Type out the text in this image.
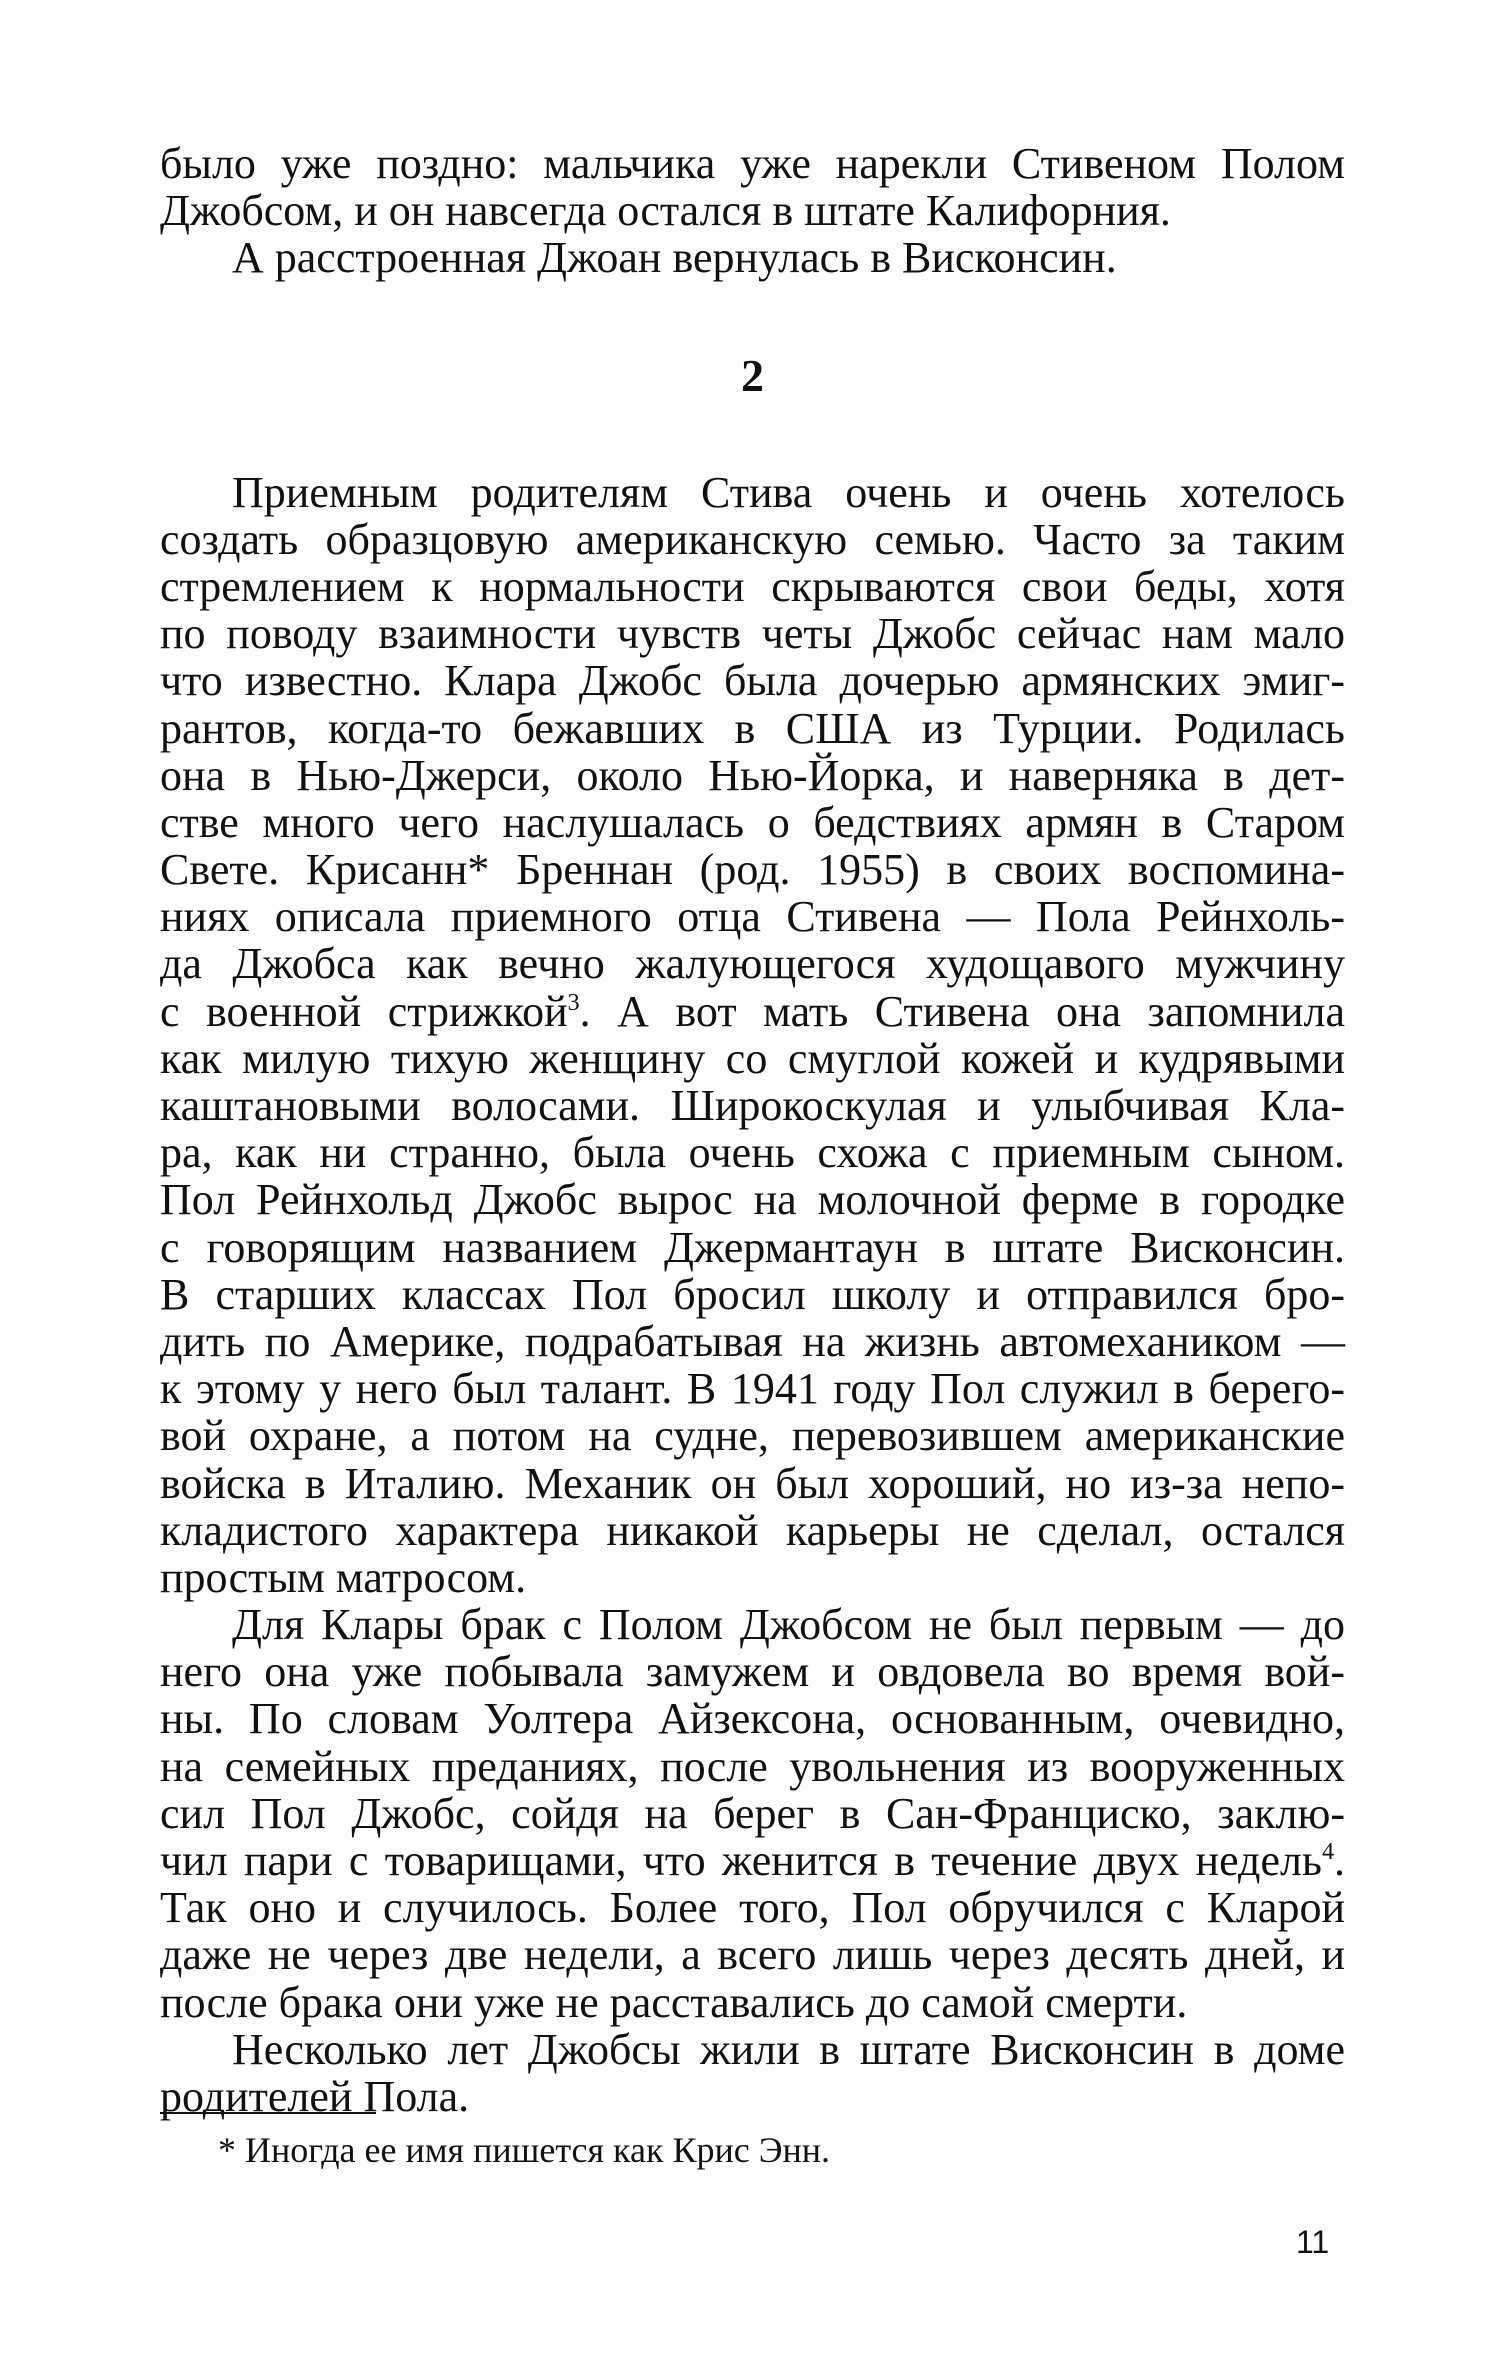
было уже поздно: мальчика уже нарекли Стивеном Полом
Джобсом, и он навсегда остался в штате Калифорния.

А расстроенная Джоан вернулась в Висконсин.

2

Приемным родителям Стива очень и очень хотелось
создать образцовую американскую семью. Часто за таким
стремлением к нормальности скрываются свои беды, хотя
по поводу взаимности чувств четы Джобс сейчас нам мало
что известно. Клара Джобс была дочерью армянских эмиг-
рантов, когда-то бежавших в США из Турции. Родилась
она в Нью-Джерси, около Нью-Йорка, и наверняка в дет-
стве много чего наслушалась о бедствиях армян в Старом
Свете. Крисанн* Бреннан (род. 1955) в своих воспомина-
ниях описала приемного отца Стивена — Пола Рейнхоль-
да Джобса как вечно жалующегося худощавого мужчину
с военной стрижкой$^3$. А вот мать Стивена она запомнила
как милую тихую женщину со смуглой кожей и кудрявыми
каштановыми волосами. Широкоскулая и улыбчивая Кла-
ра, как ни странно, была очень схожа с приемным сыном.
Пол Рейнхольд Джобс вырос на молочной ферме в городке
с говорящим названием Джермантаун в штате Висконсин.
В старших классах Пол бросил школу и отправился бро-
дить по Америке, подрабатывая на жизнь автомехаником —
к этому у него был талант. В 1941 году Пол служил в берего-
вой охране, а потом на судне, перевозившем американские
войска в Италию. Механик он был хороший, но из-за непо-
кладистого характера никакой карьеры не сделал, остался
простым матросом.

Для Клары брак с Полом Джобсом не был первым — до
него она уже побывала замужем и овдовела во время вой-
ны. По словам Уолтера Айзексона, основанным, очевидно,
на семейных преданиях, после увольнения из вооруженных
сил Пол Джобс, сойдя на берег в Сан-Франциско, заклю-
чил пари с товарищами, что женится в течение двух недель$^4$.
Так оно и случилось. Более того, Пол обручился с Кларой
даже не через две недели, а всего лишь через десять дней, и
после брака они уже не расставались до самой смерти.

Несколько лет Джобсы жили в штате Висконсин в доме
родителей Пола.

* Иногда ее имя пишется как Крис Энн.
11
